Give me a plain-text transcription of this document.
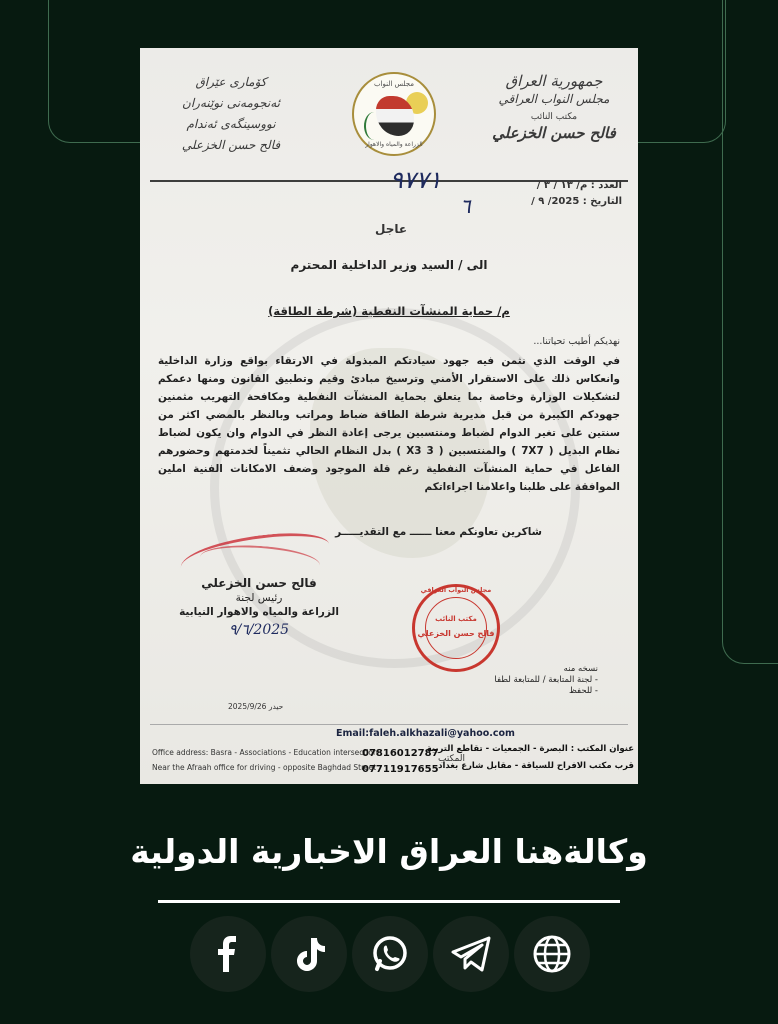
جمهورية العراق
مجلس النواب العراقي
مكتب النائب
فالح حسن الخزعلي
مجلس النواب
الزراعة والمياه والاهوار
كۆماری عێراق
ئەنجومەنی نوێنەران
نووسینگەی ئەندام
فالح حسن الخزعلي
العدد : م/ ۱۳ / ۳ /
٩٧٧١
التاريخ : 2025/ ٩ /
٦
عاجل
الى / السيد وزير الداخلية المحترم
م/ حماية المنشآت النفطية (شرطة الطاقة)
نهديكم أطيب تحياتنا...
في الوقت الذي نثمن فيه جهود سيادتكم المبذولة في الارتقاء بواقع وزارة الداخلية وانعكاس ذلك على الاستقرار الأمني وترسيخ مبادئ وقيم وتطبيق القانون ومنها دعمكم لتشكيلات الوزارة وخاصة بما يتعلق بحماية المنشآت النفطية ومكافحة التهريب مثمنين جهودكم الكبيرة من قبل مديرية شرطة الطاقة ضباط ومراتب وبالنظر بالمضي اكثر من سنتين على تغير الدوام لضباط ومنتسبين يرجى إعادة النظر في الدوام وان يكون لضباط نظام البديل ( 7X7 ) والمنتسبين ( 3 X3 ) بدل النظام الحالي تثميناً لخدمتهم وحضورهم الفاعل في حماية المنشآت النفطية رغم قلة الموجود وضعف الامكانات الفنية املين الموافقة على طلبنا واعلامنا اجراءاتكم
شاكرين تعاونكم معنا ــــــ مع التقديـــــر
فالح حسن الخزعلي
رئيس لجنة
الزراعة والمياه والاهوار النيابية
2025/٩/٦
مجلس النواب العراقي
مكتب النائب
فالح حسن الخزعلي
نسخه منه
- لجنة المتابعة / للمتابعة لطفا
- للحفظ
2025/9/26 حيدر
Email:faleh.alkhazali@yahoo.com
Office address: Basra - Associations - Education intersection
Near the Afraah office for driving - opposite Baghdad Street
07816012787
07711917655
المكتب
عنوان المكتب : البصرة - الجمعيات - تقاطع التربية
قرب مكتب الافراح للسياقة - مقابل شارع بغداد
وكالةهنا العراق الاخبارية الدولية
